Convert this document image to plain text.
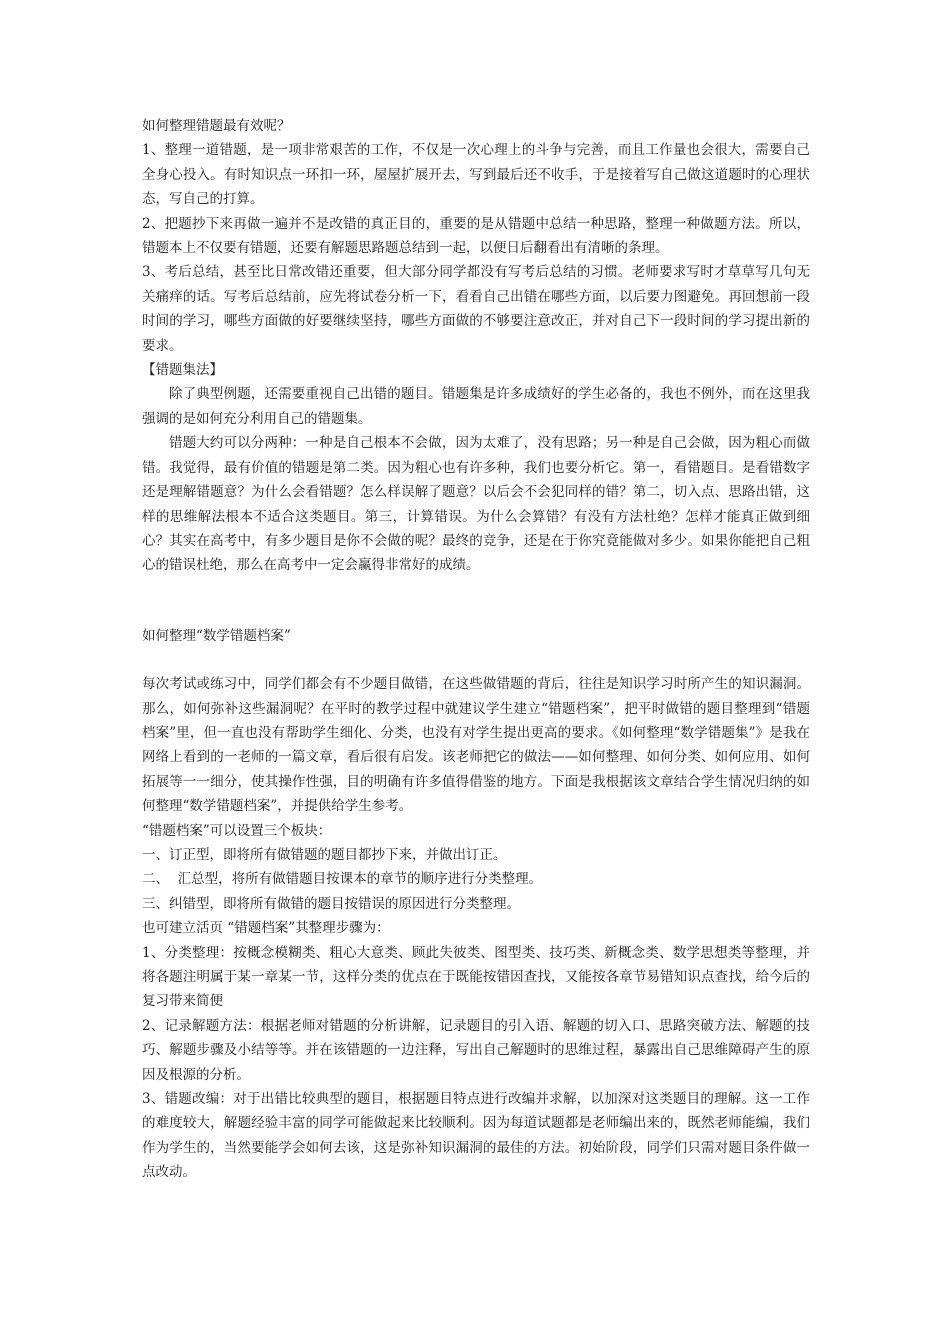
如何整理错题最有效呢？

1、整理一道错题，是一项非常艰苦的工作，不仅是一次心理上的斗争与完善，而且工作量也会很大，需要自己全身心投入。有时知识点一环扣一环，屋屋扩展开去，写到最后还不收手，于是接着写自己做这道题时的心理状态，写自己的打算。

2、把题抄下来再做一遍并不是改错的真正目的，重要的是从错题中总结一种思路，整理一种做题方法。所以，错题本上不仅要有错题，还要有解题思路题总结到一起，以便日后翻看出有清晰的条理。

3、考后总结，甚至比日常改错还重要，但大部分同学都没有写考后总结的习惯。老师要求写时才草草写几句无关痛痒的话。写考后总结前，应先将试卷分析一下，看看自己出错在哪些方面，以后要力图避免。再回想前一段时间的学习，哪些方面做的好要继续坚持，哪些方面做的不够要注意改正，并对自己下一段时间的学习提出新的要求。

【错题集法】

除了典型例题，还需要重视自己出错的题目。错题集是许多成绩好的学生必备的，我也不例外，而在这里我强调的是如何充分利用自己的错题集。

错题大约可以分两种：一种是自己根本不会做，因为太难了，没有思路；另一种是自己会做，因为粗心而做错。我觉得，最有价值的错题是第二类。因为粗心也有许多种，我们也要分析它。第一，看错题目。是看错数字还是理解错题意？为什么会看错题？怎么样误解了题意？以后会不会犯同样的错？第二，切入点、思路出错，这样的思维解法根本不适合这类题目。第三，计算错误。为什么会算错？有没有方法杜绝？怎样才能真正做到细心？其实在高考中，有多少题目是你不会做的呢？最终的竞争，还是在于你究竟能做对多少。如果你能把自己粗心的错误杜绝，那么在高考中一定会赢得非常好的成绩。

如何整理“数学错题档案”

每次考试或练习中，同学们都会有不少题目做错，在这些做错题的背后，往往是知识学习时所产生的知识漏洞。那么，如何弥补这些漏洞呢？在平时的教学过程中就建议学生建立“错题档案”，把平时做错的题目整理到“错题档案”里，但一直也没有帮助学生细化、分类，也没有对学生提出更高的要求。《如何整理“数学错题集”》是我在网络上看到的一老师的一篇文章，看后很有启发。该老师把它的做法——如何整理、如何分类、如何应用、如何拓展等一一细分，使其操作性强，目的明确有许多值得借鉴的地方。下面是我根据该文章结合学生情况归纳的如何整理“数学错题档案”，并提供给学生参考。

“错题档案”可以设置三个板块：

一、订正型，即将所有做错题的题目都抄下来，并做出订正。

二、  汇总型，将所有做错题目按课本的章节的顺序进行分类整理。

三、纠错型，即将所有做错的题目按错误的原因进行分类整理。

也可建立活页 “错题档案”其整理步骤为：

1、分类整理：按概念模糊类、粗心大意类、顾此失彼类、图型类、技巧类、新概念类、数学思想类等整理，并将各题注明属于某一章某一节，这样分类的优点在于既能按错因查找，又能按各章节易错知识点查找，给今后的复习带来简便

2、记录解题方法：根据老师对错题的分析讲解，记录题目的引入语、解题的切入口、思路突破方法、解题的技巧、解题步骤及小结等等。并在该错题的一边注释，写出自己解题时的思维过程，暴露出自己思维障碍产生的原因及根源的分析。

3、错题改编：对于出错比较典型的题目，根据题目特点进行改编并求解，以加深对这类题目的理解。这一工作的难度较大，解题经验丰富的同学可能做起来比较顺利。因为每道试题都是老师编出来的，既然老师能编，我们作为学生的，当然要能学会如何去该，这是弥补知识漏洞的最佳的方法。初始阶段，同学们只需对题目条件做一点改动。
